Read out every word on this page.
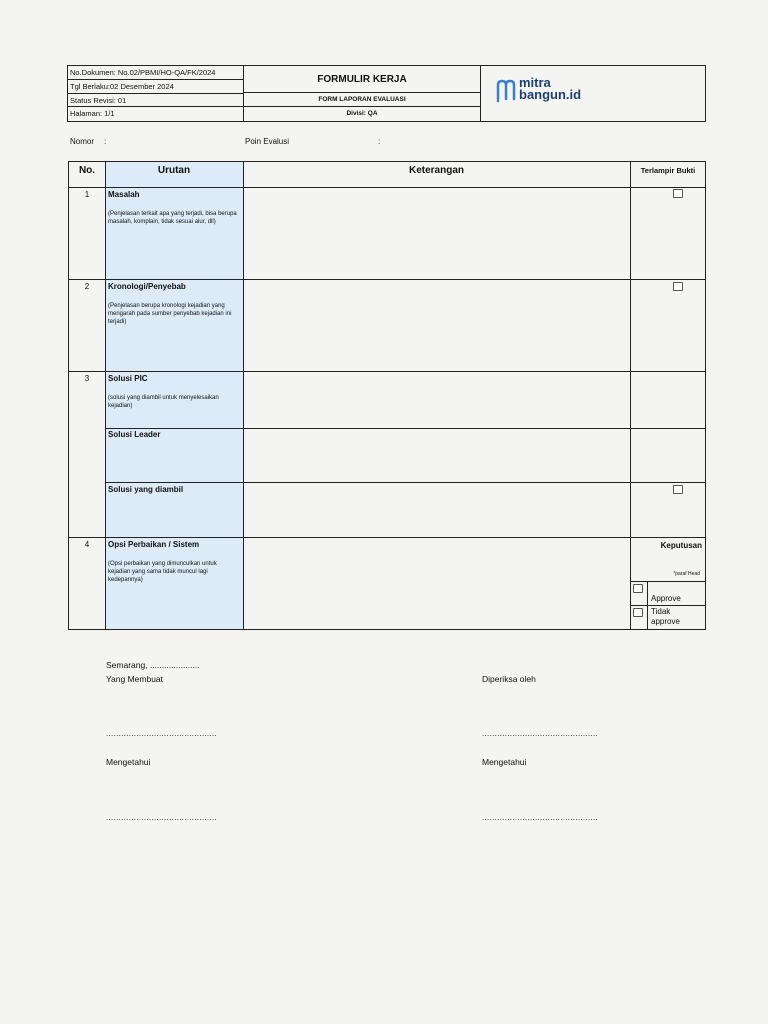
No.Dokumen: No.02/PBMI/HO-QA/FK/2024
Tgl Berlaku:02 Desember 2024
Status Revisi: 01
Halaman: 1/1
FORMULIR KERJA
FORM LAPORAN EVALUASI
Divisi: QA
mitra
bangun.id
Nomor :	Poin Evalusi	:
No.	Urutan	Keterangan	Terlampir Bukti
1	Masalah
(Penjelasan terkait apa yang terjadi, bisa berupa masalah, komplain, tidak sesuai alur, dll)
2	Kronologi/Penyebab
(Penjelasan berupa kronologi kejadian yang mengarah pada sumber penyebab kejadian ini terjadi)
3	Solusi PIC
(solusi yang diambil untuk menyelesaikan kejadian)
Solusi Leader
Solusi yang diambil
4	Opsi Perbaikan / Sistem
(Opsi perbaikan yang dimunculkan untuk kejadian yang sama tidak muncul lagi kedepannya)
Keputusan
*paraf Head
Approve
Tidak approve
Semarang, .....................
Yang Membuat	Diperiksa oleh
............................................	..............................................
Mengetahui	Mengetahui
............................................	..............................................
